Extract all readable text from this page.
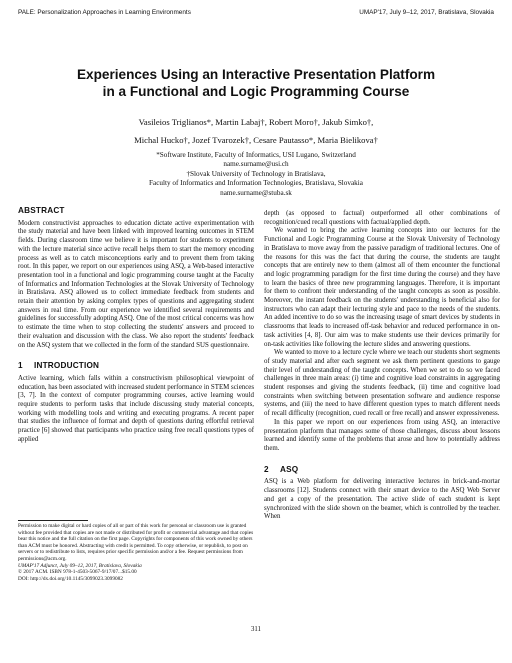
PALE: Personalization Approaches in Learning Environments	UMAP'17, July 9–12, 2017, Bratislava, Slovakia
Experiences Using an Interactive Presentation Platform
in a Functional and Logic Programming Course
Vasileios Triglianos*, Martin Labaj†, Robert Moro†, Jakub Simko†,
Michal Hucko†, Jozef Tvarozek†, Cesare Pautasso*, Maria Bielikova†
*Software Institute, Faculty of Informatics, USI Lugano, Switzerland
name.surname@usi.ch
†Slovak University of Technology in Bratislava,
Faculty of Informatics and Information Technologies, Bratislava, Slovakia
name.surname@stuba.sk
ABSTRACT

Modern constructivist approaches to education dictate active experimentation with the study material and have been linked with improved learning outcomes in STEM fields. During classroom time we believe it is important for students to experiment with the lecture material since active recall helps them to start the memory encoding process as well as to catch misconceptions early and to prevent them from taking root. In this paper, we report on our experiences using ASQ, a Web-based interactive presentation tool in a functional and logic programming course taught at the Faculty of Informatics and Information Technologies at the Slovak University of Technology in Bratislava. ASQ allowed us to collect immediate feedback from students and retain their attention by asking complex types of questions and aggregating student answers in real time. From our experience we identified several requirements and guidelines for successfully adopting ASQ. One of the most critical concerns was how to estimate the time when to stop collecting the students' answers and proceed to their evaluation and discussion with the class. We also report the students' feedback on the ASQ system that we collected in the form of the standard SUS questionnaire.

1 INTRODUCTION

Active learning, which falls within a constructivism philosophical viewpoint of education, has been associated with increased student performance in STEM sciences [3, 7]. In the context of computer programming courses, active learning would require students to perform tasks that include discussing study material concepts, working with modelling tools and writing and executing programs. A recent paper that studies the influence of format and depth of questions during effortful retrieval practice [6] showed that participants who practice using free recall questions types of applied

Permission to make digital or hard copies of all or part of this work for personal or classroom use is granted without fee provided that copies are not made or distributed for profit or commercial advantage and that copies bear this notice and the full citation on the first page. Copyrights for components of this work owned by others than ACM must be honored. Abstracting with credit is permitted. To copy otherwise, or republish, to post on servers or to redistribute to lists, requires prior specific permission and/or a fee. Request permissions from permissions@acm.org.

UMAP'17 Adjunct, July 09–12, 2017, Bratislava, Slovakia

© 2017 ACM. ISBN 978-1-4503-5067-9/17/07...$15.00

DOI: http://dx.doi.org/10.1145/3099023.3099082

depth (as opposed to factual) outperformed all other combinations of recognition/cued recall questions with factual/applied depth.

We wanted to bring the active learning concepts into our lectures for the Functional and Logic Programming Course at the Slovak University of Technology in Bratislava to move away from the passive paradigm of traditional lectures. One of the reasons for this was the fact that during the course, the students are taught concepts that are entirely new to them (almost all of them encounter the functional and logic programming paradigm for the first time during the course) and they have to learn the basics of three new programming languages. Therefore, it is important for them to confront their understanding of the taught concepts as soon as possible. Moreover, the instant feedback on the students' understanding is beneficial also for instructors who can adapt their lecturing style and pace to the needs of the students. An added incentive to do so was the increasing usage of smart devices by students in classrooms that leads to increased off-task behavior and reduced performance in on-task activities [4, 8]. Our aim was to make students use their devices primarily for on-task activities like following the lecture slides and answering questions.

We wanted to move to a lecture cycle where we teach our students short segments of study material and after each segment we ask them pertinent questions to gauge their level of understanding of the taught concepts. When we set to do so we faced challenges in three main areas: (i) time and cognitive load constraints in aggregating student responses and giving the students feedback, (ii) time and cognitive load constraints when switching between presentation software and audience response systems, and (iii) the need to have different question types to match different needs of recall difficulty (recognition, cued recall or free recall) and answer expressiveness.

In this paper we report on our experiences from using ASQ, an interactive presentation platform that manages some of those challenges, discuss about lessons learned and identify some of the problems that arose and how to potentially address them.

2 ASQ

ASQ is a Web platform for delivering interactive lectures in brick-and-mortar classrooms [12]. Students connect with their smart device to the ASQ Web Server and get a copy of the presentation. The active slide of each student is kept synchronized with the slide shown on the beamer, which is controlled by the teacher. When

311
